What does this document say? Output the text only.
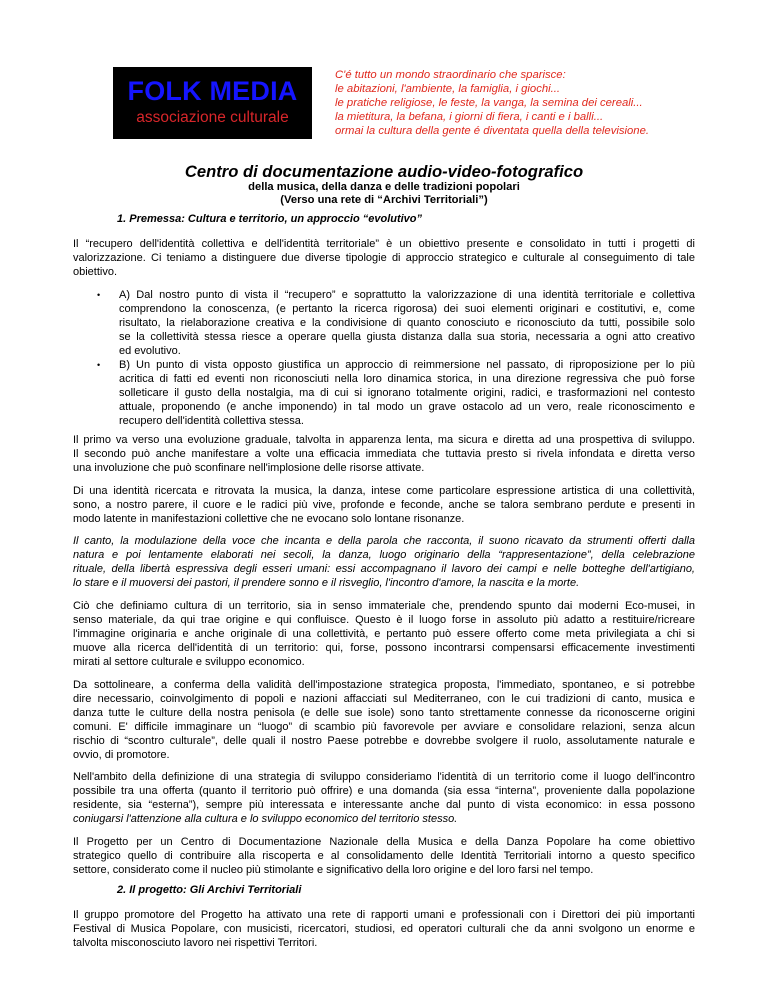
FOLK MEDIA
associazione culturale
C'é tutto un mondo straordinario che sparisce:
le abitazioni, l'ambiente, la famiglia, i giochi...
le pratiche religiose, le feste, la vanga, la semina dei cereali...
la mietitura, la befana, i giorni di fiera, i canti e i balli...
ormai la cultura della gente é diventata quella della televisione.
Centro di documentazione audio-video-fotografico
della musica, della danza e delle tradizioni popolari
(Verso una rete di “Archivi Territoriali”)
1. Premessa: Cultura e territorio, un approccio “evolutivo”
Il “recupero dell'identità collettiva e dell'identità territoriale” è un obiettivo presente e consolidato in tutti i progetti di
valorizzazione. Ci teniamo a distinguere due diverse tipologie di approccio strategico e culturale al conseguimento di tale
obiettivo.
• A) Dal nostro punto di vista il “recupero” e soprattutto la valorizzazione di una identità territoriale e collettiva
comprendono la conoscenza, (e pertanto la ricerca rigorosa) dei suoi elementi originari e costitutivi, e, come
risultato, la rielaborazione creativa e la condivisione di quanto conosciuto e riconosciuto da tutti, possibile solo
se la collettività stessa riesce a operare quella giusta distanza dalla sua storia, necessaria a ogni atto creativo
ed evolutivo.
• B) Un punto di vista opposto giustifica un approccio di reimmersione nel passato, di riproposizione per lo più
acritica di fatti ed eventi non riconosciuti nella loro dinamica storica, in una direzione regressiva che può forse
solleticare il gusto della nostalgia, ma di cui si ignorano totalmente origini, radici, e trasformazioni nel contesto
attuale, proponendo (e anche imponendo) in tal modo un grave ostacolo ad un vero, reale riconoscimento e
recupero dell'identità collettiva stessa.
Il primo va verso una evoluzione graduale, talvolta in apparenza lenta, ma sicura e diretta ad una prospettiva di sviluppo.
Il secondo può anche manifestare a volte una efficacia immediata che tuttavia presto si rivela infondata e diretta verso
una involuzione che può sconfinare nell'implosione delle risorse attivate.
Di una identità ricercata e ritrovata la musica, la danza, intese come particolare espressione artistica di una collettività,
sono, a nostro parere, il cuore e le radici più vive, profonde e feconde, anche se talora sembrano perdute e presenti in
modo latente in manifestazioni collettive che ne evocano solo lontane risonanze.
Il canto, la modulazione della voce che incanta e della parola che racconta, il suono ricavato da strumenti offerti dalla
natura e poi lentamente elaborati nei secoli, la danza, luogo originario della “rappresentazione”, della celebrazione
rituale, della libertà espressiva degli esseri umani: essi accompagnano il lavoro dei campi e nelle botteghe dell'artigiano,
lo stare e il muoversi dei pastori, il prendere sonno e il risveglio, l'incontro d'amore, la nascita e la morte.
Ciò che definiamo cultura di un territorio, sia in senso immateriale che, prendendo spunto dai moderni Eco-musei, in
senso materiale, da qui trae origine e qui confluisce. Questo è il luogo forse in assoluto più adatto a restituire/ricreare
l'immagine originaria e anche originale di una collettività, e pertanto può essere offerto come meta privilegiata a chi si
muove alla ricerca dell'identità di un territorio: qui, forse, possono incontrarsi compensarsi efficacemente investimenti
mirati al settore culturale e sviluppo economico.
Da sottolineare, a conferma della validità dell'impostazione strategica proposta, l'immediato, spontaneo, e si potrebbe
dire necessario, coinvolgimento di popoli e nazioni affacciati sul Mediterraneo, con le cui tradizioni di canto, musica e
danza tutte le culture della nostra penisola (e delle sue isole) sono tanto strettamente connesse da riconoscerne origini
comuni. E' difficile immaginare un “luogo” di scambio più favorevole per avviare e consolidare relazioni, senza alcun
rischio di “scontro culturale”, delle quali il nostro Paese potrebbe e dovrebbe svolgere il ruolo, assolutamente naturale e
ovvio, di promotore.
Nell'ambito della definizione di una strategia di sviluppo consideriamo l'identità di un territorio come il luogo dell'incontro
possibile tra una offerta (quanto il territorio può offrire) e una domanda (sia essa “interna”, proveniente dalla popolazione
residente, sia “esterna”), sempre più interessata e interessante anche dal punto di vista economico: in essa possono
coniugarsi l'attenzione alla cultura e lo sviluppo economico del territorio stesso.
Il Progetto per un Centro di Documentazione Nazionale della Musica e della Danza Popolare ha come obiettivo
strategico quello di contribuire alla riscoperta e al consolidamento delle Identità Territoriali intorno a questo specifico
settore, considerato come il nucleo più stimolante e significativo della loro origine e del loro farsi nel tempo.
2. Il progetto: Gli Archivi Territoriali
Il gruppo promotore del Progetto ha attivato una rete di rapporti umani e professionali con i Direttori dei più importanti
Festival di Musica Popolare, con musicisti, ricercatori, studiosi, ed operatori culturali che da anni svolgono un enorme e
talvolta misconosciuto lavoro nei rispettivi Territori.
